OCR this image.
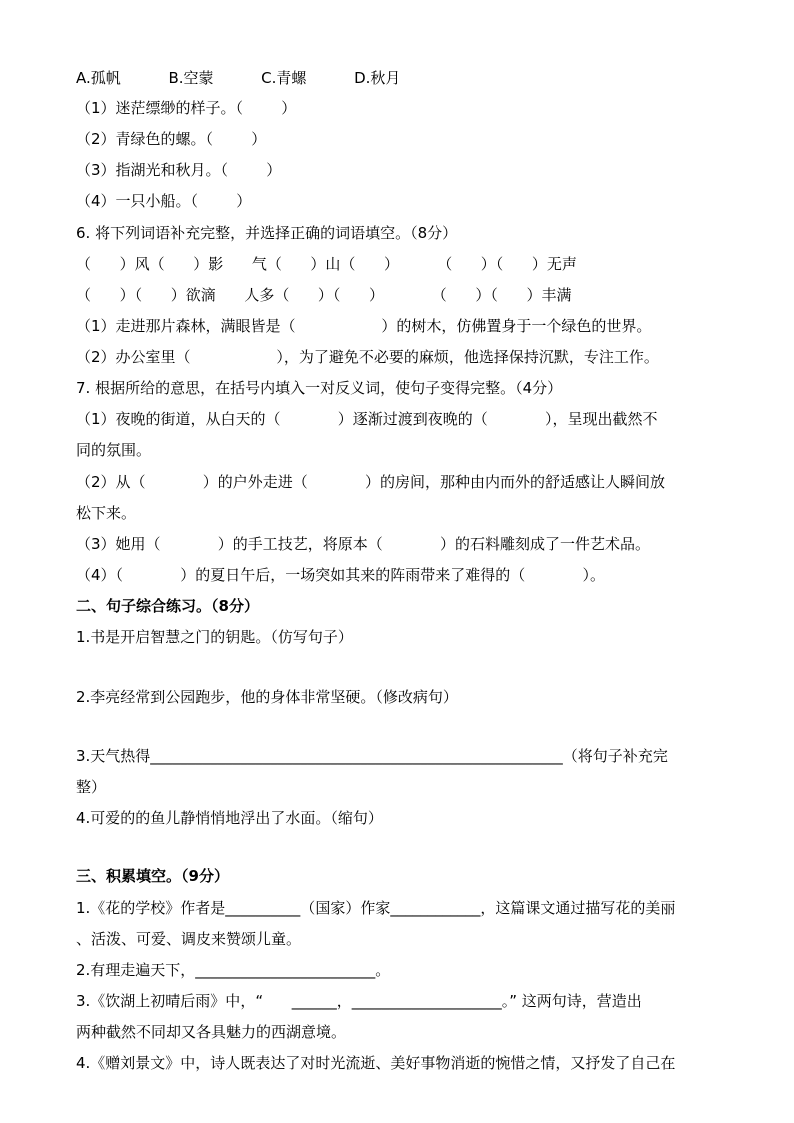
A.孤帆          B.空蒙          C.青螺          D.秋月
（1）迷茫缥缈的样子。（        ）
（2）青绿色的螺。（        ）
（3）指湖光和秋月。（        ）
（4）一只小船。（        ）
6. 将下列词语补充完整，并选择正确的词语填空。（8分）
（      ）风（      ）影      气（      ）山（      ）        （      ）（      ）无声
（      ）（      ）欲滴      人多（      ）（      ）          （      ）（      ）丰满
（1）走进那片森林，满眼皆是（                  ）的树木，仿佛置身于一个绿色的世界。
（2）办公室里（                  ），为了避免不必要的麻烦，他选择保持沉默，专注工作。
7. 根据所给的意思，在括号内填入一对反义词，使句子变得完整。（4分）
（1）夜晚的街道，从白天的（            ）逐渐过渡到夜晚的（            ），呈现出截然不
同的氛围。
（2）从（            ）的户外走进（            ）的房间，那种由内而外的舒适感让人瞬间放
松下来。
（3）她用（            ）的手工技艺，将原本（            ）的石料雕刻成了一件艺术品。
（4）（            ）的夏日午后，一场突如其来的阵雨带来了难得的（            ）。
二、句子综合练习。（8分）
1.书是开启智慧之门的钥匙。（仿写句子）
2.李亮经常到公园跑步，他的身体非常坚硬。（修改病句）
3.天气热得_______________________________________________________（将句子补充完
整）
4.可爱的的鱼儿静悄悄地浮出了水面。（缩句）
三、积累填空。（9分）
1.《花的学校》作者是__________（国家）作家____________，这篇课文通过描写花的美丽
、活泼、可爱、调皮来赞颂儿童。
2.有理走遍天下，________________________。
3.《饮湖上初晴后雨》中，“      ______，____________________。” 这两句诗，营造出
两种截然不同却又各具魅力的西湖意境。
4.《赠刘景文》中，诗人既表达了对时光流逝、美好事物消逝的惋惜之情，又抒发了自己在
